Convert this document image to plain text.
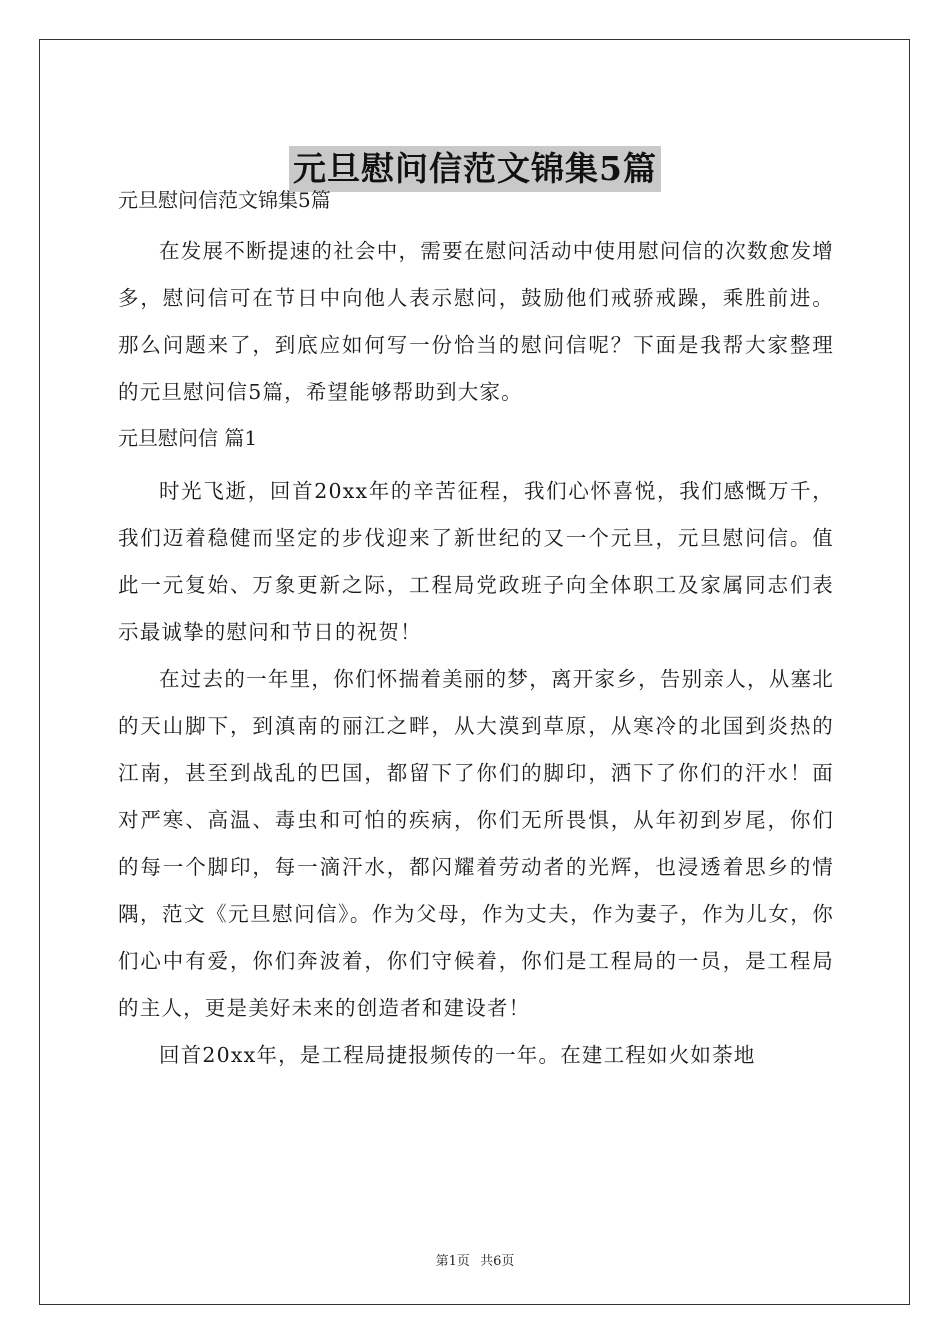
元旦慰问信范文锦集5篇

元旦慰问信范文锦集5篇

在发展不断提速的社会中，需要在慰问活动中使用慰问信的次数愈发增多，慰问信可在节日中向他人表示慰问，鼓励他们戒骄戒躁，乘胜前进。那么问题来了，到底应如何写一份恰当的慰问信呢？下面是我帮大家整理的元旦慰问信5篇，希望能够帮助到大家。

元旦慰问信 篇1

时光飞逝，回首20xx年的辛苦征程，我们心怀喜悦，我们感慨万千，我们迈着稳健而坚定的步伐迎来了新世纪的又一个元旦，元旦慰问信。值此一元复始、万象更新之际，工程局党政班子向全体职工及家属同志们表示最诚挚的慰问和节日的祝贺！

在过去的一年里，你们怀揣着美丽的梦，离开家乡，告别亲人，从塞北的天山脚下，到滇南的丽江之畔，从大漠到草原，从寒冷的北国到炎热的江南，甚至到战乱的巴国，都留下了你们的脚印，洒下了你们的汗水！面对严寒、高温、毒虫和可怕的疾病，你们无所畏惧，从年初到岁尾，你们的每一个脚印，每一滴汗水，都闪耀着劳动者的光辉，也浸透着思乡的情隅，范文《元旦慰问信》。作为父母，作为丈夫，作为妻子，作为儿女，你们心中有爱，你们奔波着，你们守候着，你们是工程局的一员，是工程局的主人，更是美好未来的创造者和建设者！

回首20xx年，是工程局捷报频传的一年。在建工程如火如荼地

第1页 共6页
